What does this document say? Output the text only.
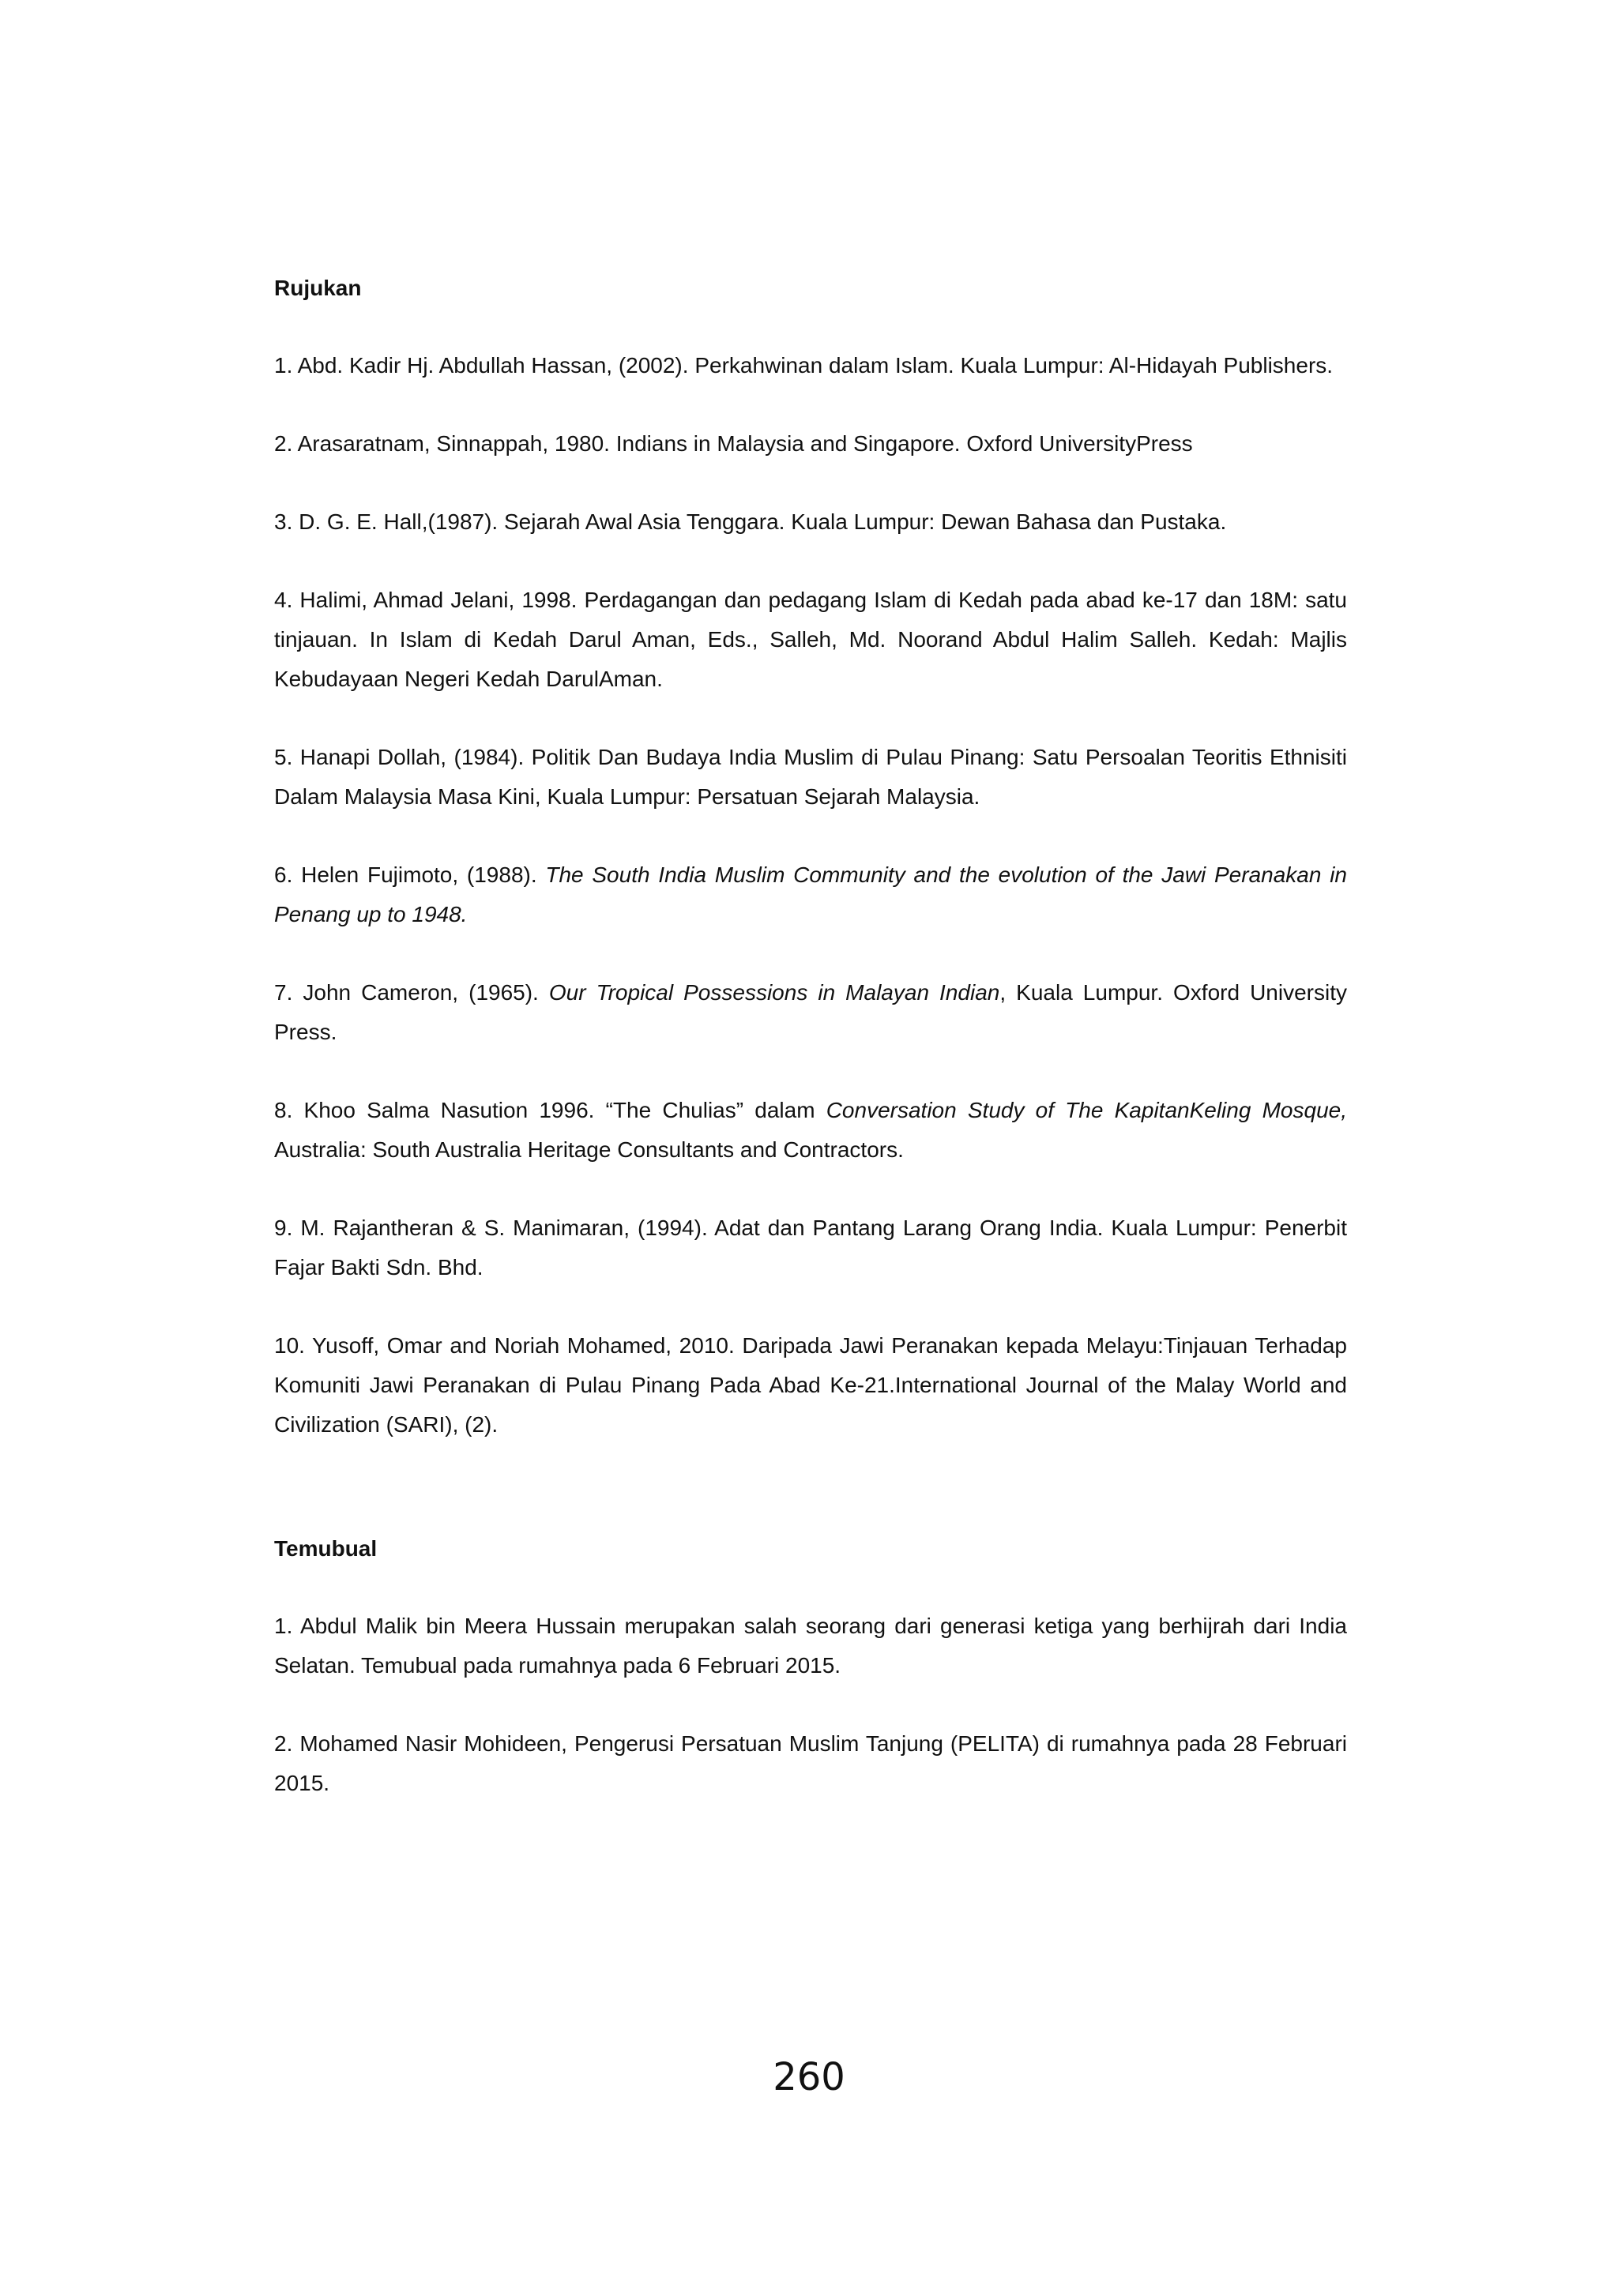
Rujukan
1. Abd. Kadir Hj. Abdullah Hassan, (2002). Perkahwinan dalam Islam. Kuala Lumpur: Al-Hidayah Publishers.
2. Arasaratnam, Sinnappah, 1980. Indians in Malaysia and Singapore. Oxford UniversityPress
3. D. G. E. Hall,(1987). Sejarah Awal Asia Tenggara. Kuala Lumpur: Dewan Bahasa dan Pustaka.
4. Halimi, Ahmad Jelani, 1998. Perdagangan dan pedagang Islam di Kedah pada abad ke-17 dan 18M: satu tinjauan. In Islam di Kedah Darul Aman, Eds., Salleh, Md. Noorand Abdul Halim Salleh. Kedah: Majlis Kebudayaan Negeri Kedah DarulAman.
5. Hanapi Dollah, (1984). Politik Dan Budaya India Muslim di Pulau Pinang: Satu Persoalan Teoritis Ethnisiti Dalam Malaysia Masa Kini, Kuala Lumpur: Persatuan Sejarah Malaysia.
6. Helen Fujimoto, (1988). The South India Muslim Community and the evolution of the Jawi Peranakan in Penang up to 1948.
7. John Cameron, (1965). Our Tropical Possessions in Malayan Indian, Kuala Lumpur. Oxford University Press.
8. Khoo Salma Nasution 1996. “The Chulias” dalam Conversation Study of The KapitanKeling Mosque, Australia: South Australia Heritage Consultants and Contractors.
9. M. Rajantheran & S. Manimaran, (1994). Adat dan Pantang Larang Orang India. Kuala Lumpur: Penerbit Fajar Bakti Sdn. Bhd.
10. Yusoff, Omar and Noriah Mohamed, 2010. Daripada Jawi Peranakan kepada Melayu:Tinjauan Terhadap Komuniti Jawi Peranakan di Pulau Pinang Pada Abad Ke-21.International Journal of the Malay World and Civilization (SARI), (2).
Temubual
1. Abdul Malik bin Meera Hussain merupakan salah seorang dari generasi ketiga yang berhijrah dari India Selatan. Temubual pada rumahnya pada 6 Februari 2015.
2. Mohamed Nasir Mohideen, Pengerusi Persatuan Muslim Tanjung (PELITA) di rumahnya pada 28 Februari 2015.
260
